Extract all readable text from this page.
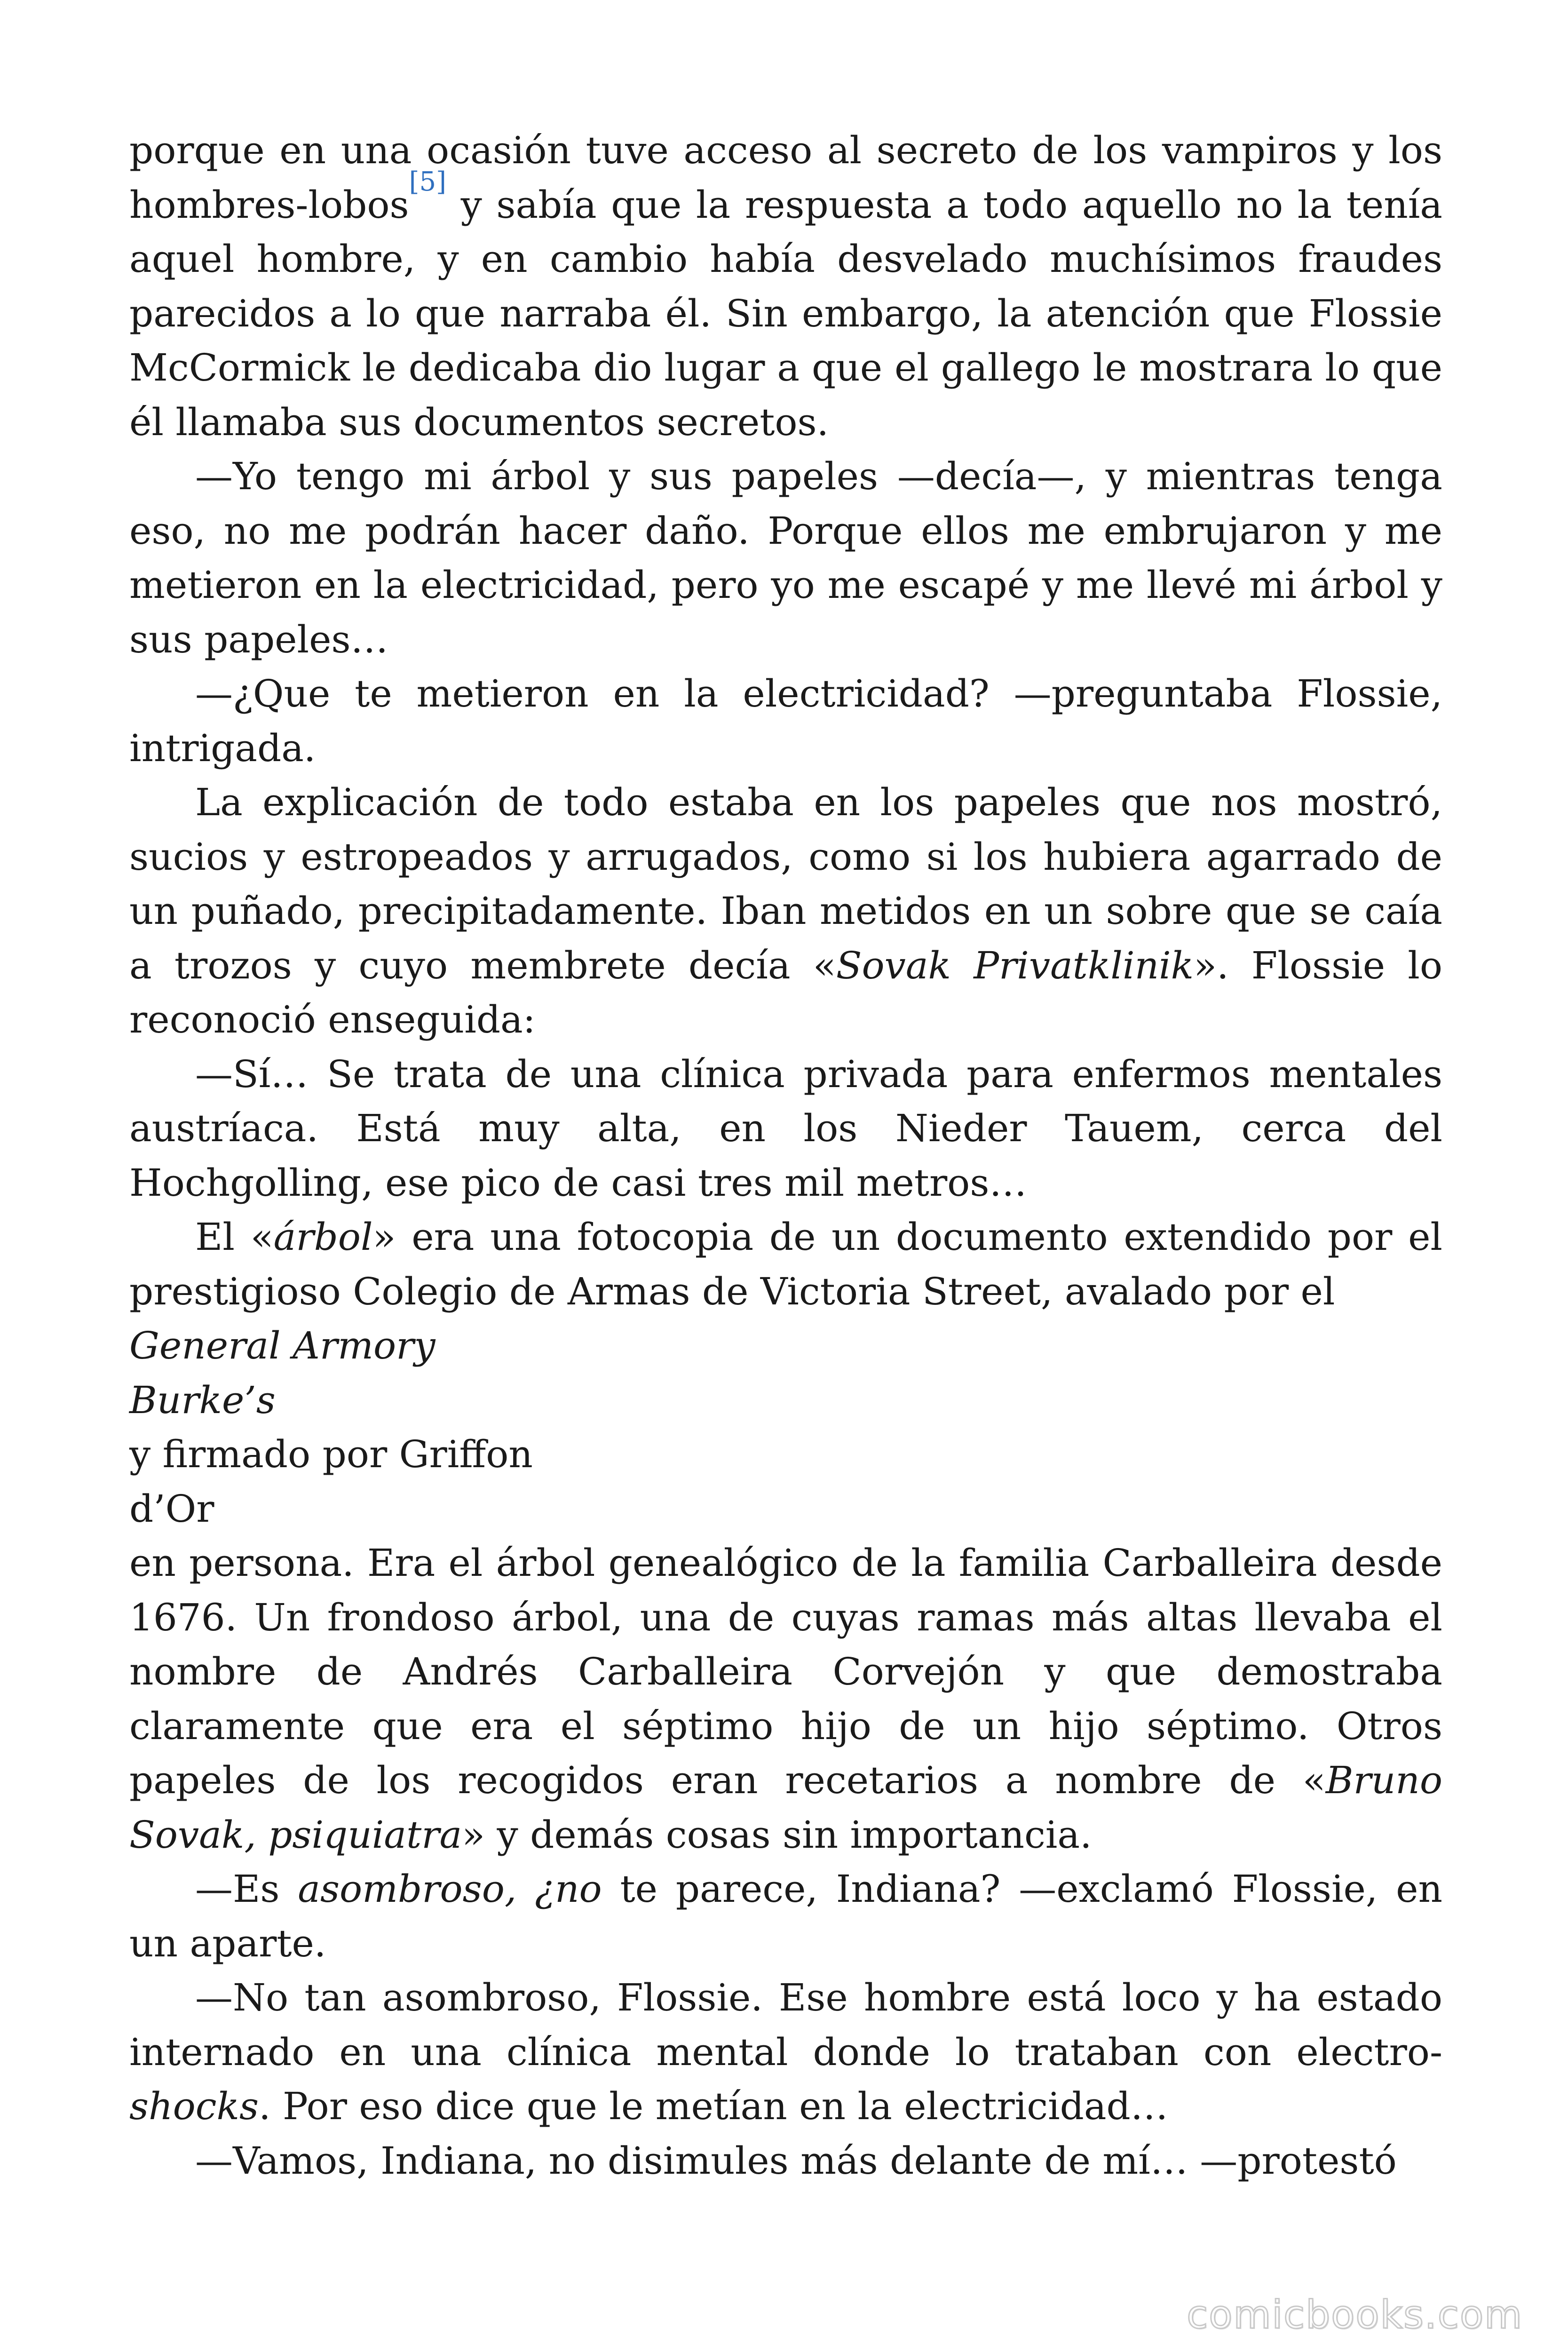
porque en una ocasión tuve acceso al secreto de los vampiros y los hombres-lobos[5] y sabía que la respuesta a todo aquello no la tenía aquel hombre, y en cambio había desvelado muchísimos fraudes parecidos a lo que narraba él. Sin embargo, la atención que Flossie McCormick le dedicaba dio lugar a que el gallego le mostrara lo que él llamaba sus documentos secretos.

—Yo tengo mi árbol y sus papeles —decía—, y mientras tenga eso, no me podrán hacer daño. Porque ellos me embrujaron y me metieron en la electricidad, pero yo me escapé y me llevé mi árbol y sus papeles…

—¿Que te metieron en la electricidad? —preguntaba Flossie, intrigada.

La explicación de todo estaba en los papeles que nos mostró, sucios y estropeados y arrugados, como si los hubiera agarrado de un puñado, precipitadamente. Iban metidos en un sobre que se caía a trozos y cuyo membrete decía «Sovak Privatklinik». Flossie lo reconoció enseguida:

—Sí… Se trata de una clínica privada para enfermos mentales austríaca. Está muy alta, en los Nieder Tauem, cerca del Hochgolling, ese pico de casi tres mil metros…

El «árbol» era una fotocopia de un documento extendido por el prestigioso Colegio de Armas de Victoria Street, avalado por el

General Armory

Burke’s

y firmado por Griffon

d’Or

en persona. Era el árbol genealógico de la familia Carballeira desde 1676. Un frondoso árbol, una de cuyas ramas más altas llevaba el nombre de Andrés Carballeira Corvejón y que demostraba claramente que era el séptimo hijo de un hijo séptimo. Otros papeles de los recogidos eran recetarios a nombre de «Bruno Sovak, psiquiatra» y demás cosas sin importancia.

—Es asombroso, ¿no te parece, Indiana? —exclamó Flossie, en un aparte.

—No tan asombroso, Flossie. Ese hombre está loco y ha estado internado en una clínica mental donde lo trataban con electro-shocks. Por eso dice que le metían en la electricidad…

—Vamos, Indiana, no disimules más delante de mí… —protestó

comicbooks.com
